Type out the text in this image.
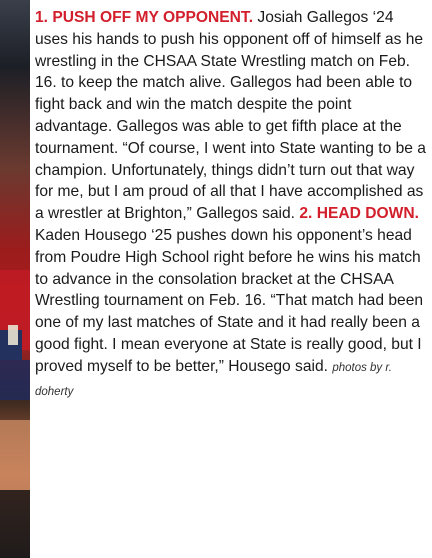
1. PUSH OFF MY OPPONENT. Josiah Gallegos ‘24 uses his hands to push his opponent off of himself as he wrestling in the CHSAA State Wrestling match on Feb. 16. to keep the match alive. Gallegos had been able to fight back and win the match despite the point advantage. Gallegos was able to get fifth place at the tournament. “Of course, I went into State wanting to be a champion. Unfortunately, things didn’t turn out that way for me, but I am proud of all that I have accomplished as a wrestler at Brighton,” Gallegos said. 2. HEAD DOWN. Kaden Housego ‘25 pushes down his opponent’s head from Poudre High School right before he wins his match to advance in the consolation bracket at the CHSAA Wrestling tournament on Feb. 16. “That match had been one of my last matches of State and it had really been a good fight. I mean everyone at State is really good, but I proved myself to be better,” Housego said. photos by r. doherty
